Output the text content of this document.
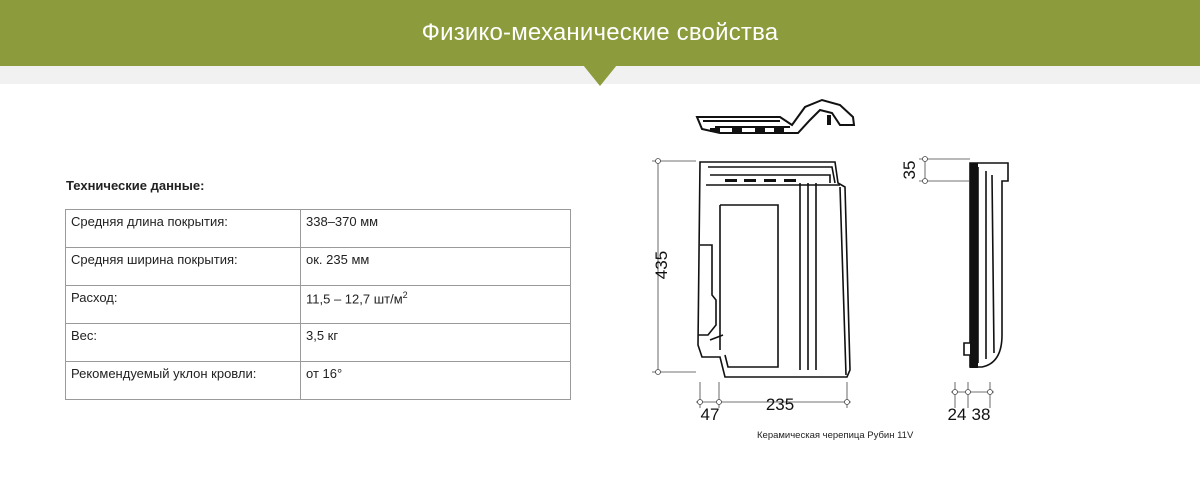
Физико-механические свойства
Технические данные:
Средняя длина покрытия:	338–370 мм
Средняя ширина покрытия:	ок. 235 мм
Расход:	11,5 – 12,7 $шт/м^2$
Вес:	3,5 кг
Рекомендуемый уклон кровли:	от 16°
435
47
235
35
24 38
Керамическая черепица Рубин 11V
